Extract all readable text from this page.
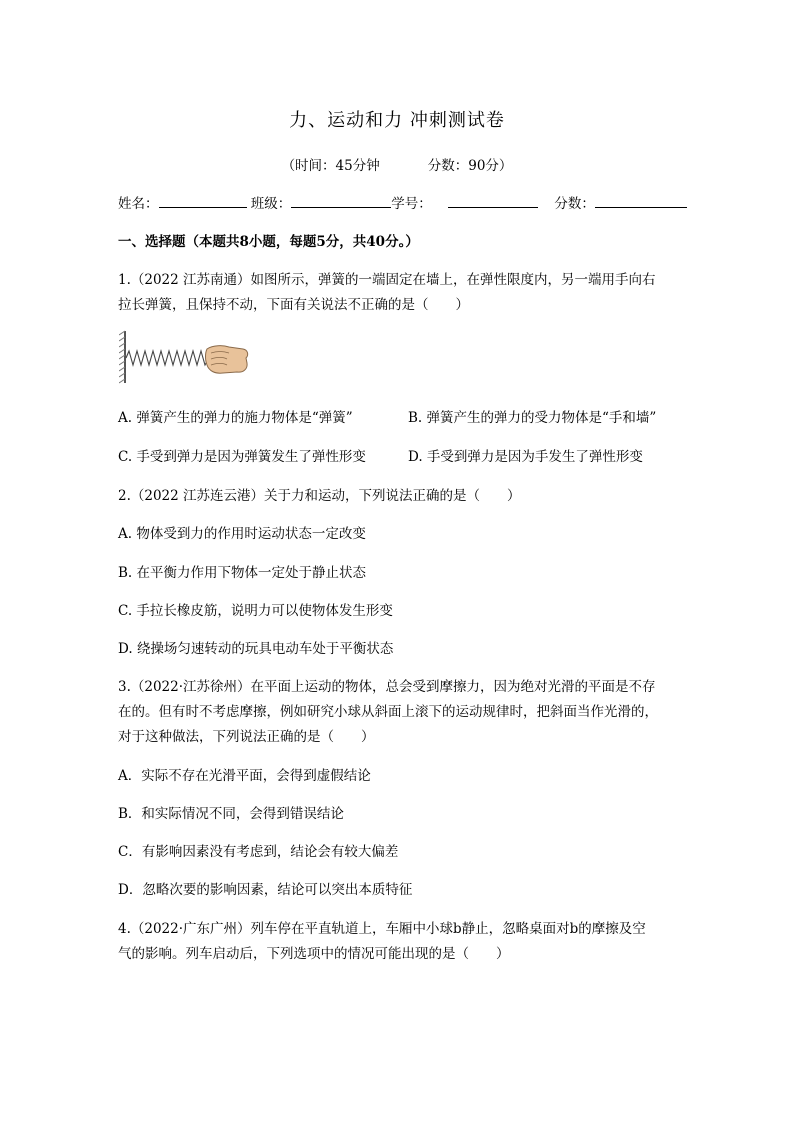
力、运动和力 冲刺测试卷
（时间：45分钟	分数：90分）
姓名：	班级：	学号：	分数：
一、选择题（本题共8小题，每题5分，共40分。）
1.（2022 江苏南通）如图所示，弹簧的一端固定在墙上，在弹性限度内，另一端用手向右
拉长弹簧，且保持不动，下面有关说法不正确的是（　　）
A. 弹簧产生的弹力的施力物体是“弹簧”	B. 弹簧产生的弹力的受力物体是“手和墙”
C. 手受到弹力是因为弹簧发生了弹性形变	D. 手受到弹力是因为手发生了弹性形变
2.（2022 江苏连云港）关于力和运动，下列说法正确的是（　　）
A. 物体受到力的作用时运动状态一定改变
B. 在平衡力作用下物体一定处于静止状态
C. 手拉长橡皮筋，说明力可以使物体发生形变
D. 绕操场匀速转动的玩具电动车处于平衡状态
3.（2022·江苏徐州）在平面上运动的物体，总会受到摩擦力，因为绝对光滑的平面是不存
在的。但有时不考虑摩擦，例如研究小球从斜面上滚下的运动规律时，把斜面当作光滑的，
对于这种做法，下列说法正确的是（　　）
A．实际不存在光滑平面，会得到虚假结论
B．和实际情况不同，会得到错误结论
C．有影响因素没有考虑到，结论会有较大偏差
D．忽略次要的影响因素，结论可以突出本质特征
4.（2022·广东广州）列车停在平直轨道上，车厢中小球b静止，忽略桌面对b的摩擦及空
气的影响。列车启动后，下列选项中的情况可能出现的是（　　）
